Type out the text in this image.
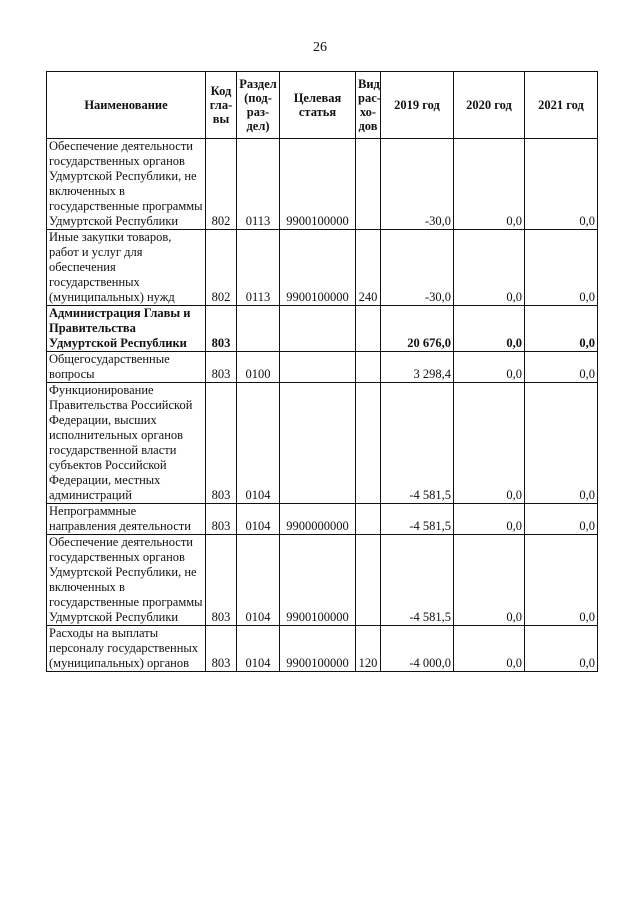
26
Наименование	Код гла- вы	Раздел (под- раз- дел)	Целевая статья	Вид рас- хо- дов	2019 год	2020 год	2021 год
Обеспечение деятельности государственных органов Удмуртской Республики, не включенных в государственные программы Удмуртской Республики	802	0113	9900100000		-30,0	0,0	0,0
Иные закупки товаров, работ и услуг для обеспечения государственных (муниципальных) нужд	802	0113	9900100000	240	-30,0	0,0	0,0
Администрация Главы и Правительства Удмуртской Республики	803				20 676,0	0,0	0,0
Общегосударственные вопросы	803	0100			3 298,4	0,0	0,0
Функционирование Правительства Российской Федерации, высших исполнительных органов государственной власти субъектов Российской Федерации, местных администраций	803	0104			-4 581,5	0,0	0,0
Непрограммные направления деятельности	803	0104	9900000000		-4 581,5	0,0	0,0
Обеспечение деятельности государственных органов Удмуртской Республики, не включенных в государственные программы Удмуртской Республики	803	0104	9900100000		-4 581,5	0,0	0,0
Расходы на выплаты персоналу государственных (муниципальных) органов	803	0104	9900100000	120	-4 000,0	0,0	0,0
